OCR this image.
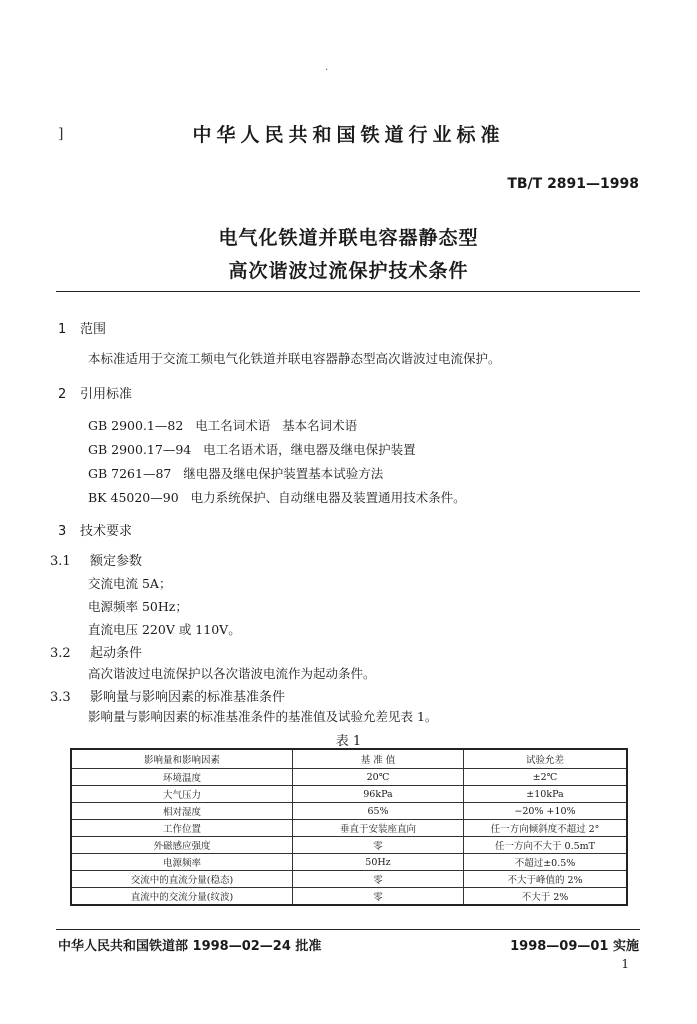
.
]	中华人民共和国铁道行业标准
TB/T 2891—1998
电气化铁道并联电容器静态型
高次谐波过流保护技术条件
1 范围
本标准适用于交流工频电气化铁道并联电容器静态型高次谐波过电流保护。
2 引用标准
GB 2900.1—82   电工名词术语   基本名词术语
GB 2900.17—94   电工名语术语，继电器及继电保护装置
GB 7261—87   继电器及继电保护装置基本试验方法
BK 45020—90   电力系统保护、自动继电器及装置通用技术条件。
3 技术要求
3.1 额定参数
交流电流 5A；
电源频率 50Hz；
直流电压 220V 或 110V。
3.2 起动条件
高次谐波过电流保护以各次谐波电流作为起动条件。
3.3 影响量与影响因素的标准基准条件
影响量与影响因素的标准基准条件的基准值及试验允差见表 1。
表 1
影响量和影响因素	基 准 值	试验允差
环境温度	20℃	±2℃
大气压力	96kPa	±10kPa
相对湿度	65%	−20% +10%
工作位置	垂直于安装座直向	任一方向倾斜度不超过 2°
外磁感应强度	零	任一方向不大于 0.5mT
电源频率	50Hz	不超过±0.5%
交流中的直流分量(稳态)	零	不大于峰值的 2%
直流中的交流分量(纹波)	零	不大于 2%
中华人民共和国铁道部 1998—02—24 批准	1998—09—01 实施
1
